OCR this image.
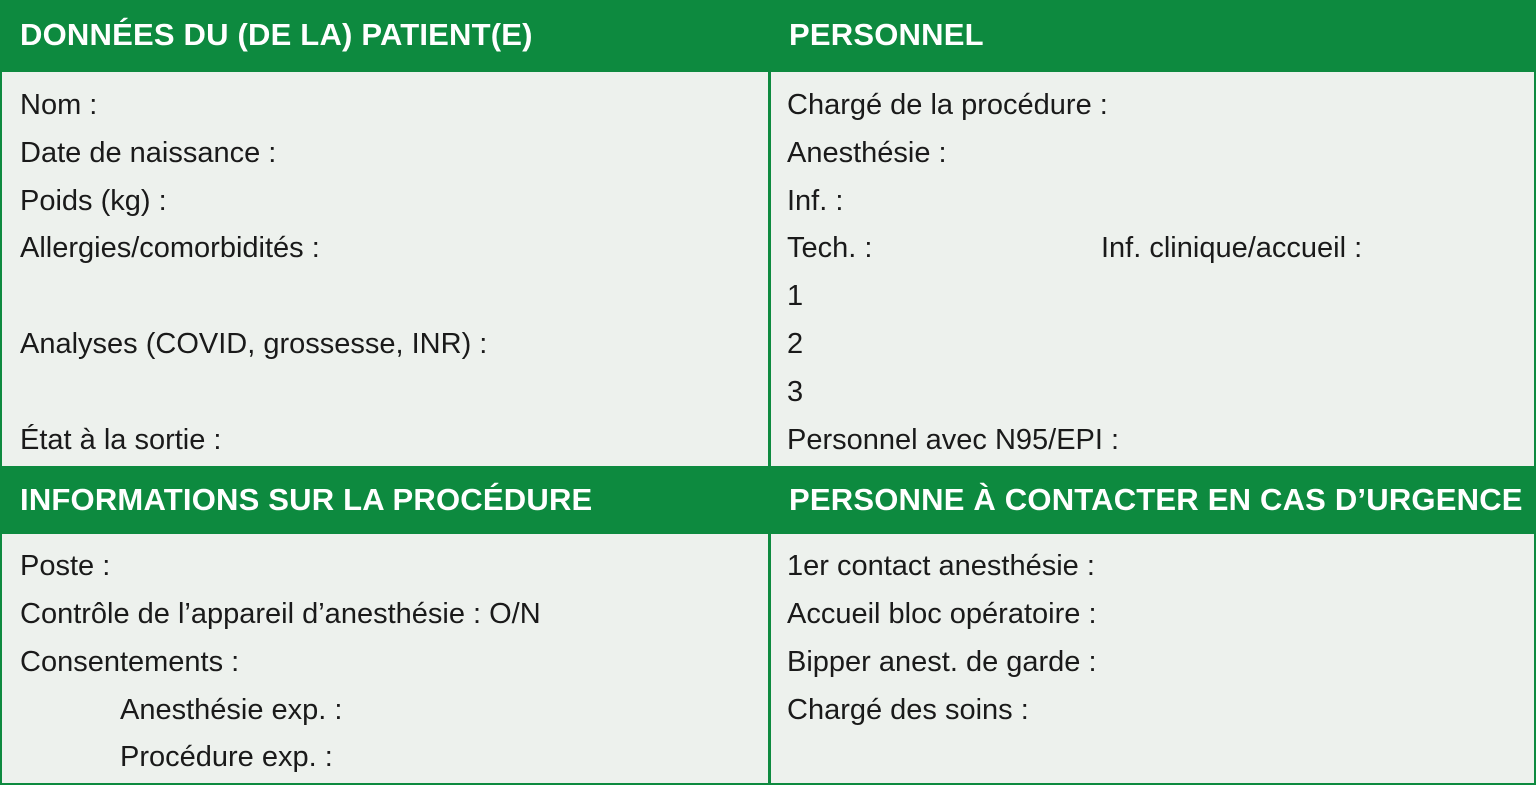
DONNÉES DU (DE LA) PATIENT(E)
Nom :
Date de naissance :
Poids (kg) :
Allergies/comorbidités :
Analyses (COVID, grossesse, INR) :
État à la sortie :
PERSONNEL
Chargé de la procédure :
Anesthésie :
Inf. :
Tech. :	Inf. clinique/accueil :
1
2
3
Personnel avec N95/EPI :
INFORMATIONS SUR LA PROCÉDURE
Poste :
Contrôle de l’appareil d’anesthésie : O/N
Consentements :
Anesthésie exp. :
Procédure exp. :
PERSONNE À CONTACTER EN CAS D’URGENCE
1er contact anesthésie :
Accueil bloc opératoire :
Bipper anest. de garde :
Chargé des soins :
